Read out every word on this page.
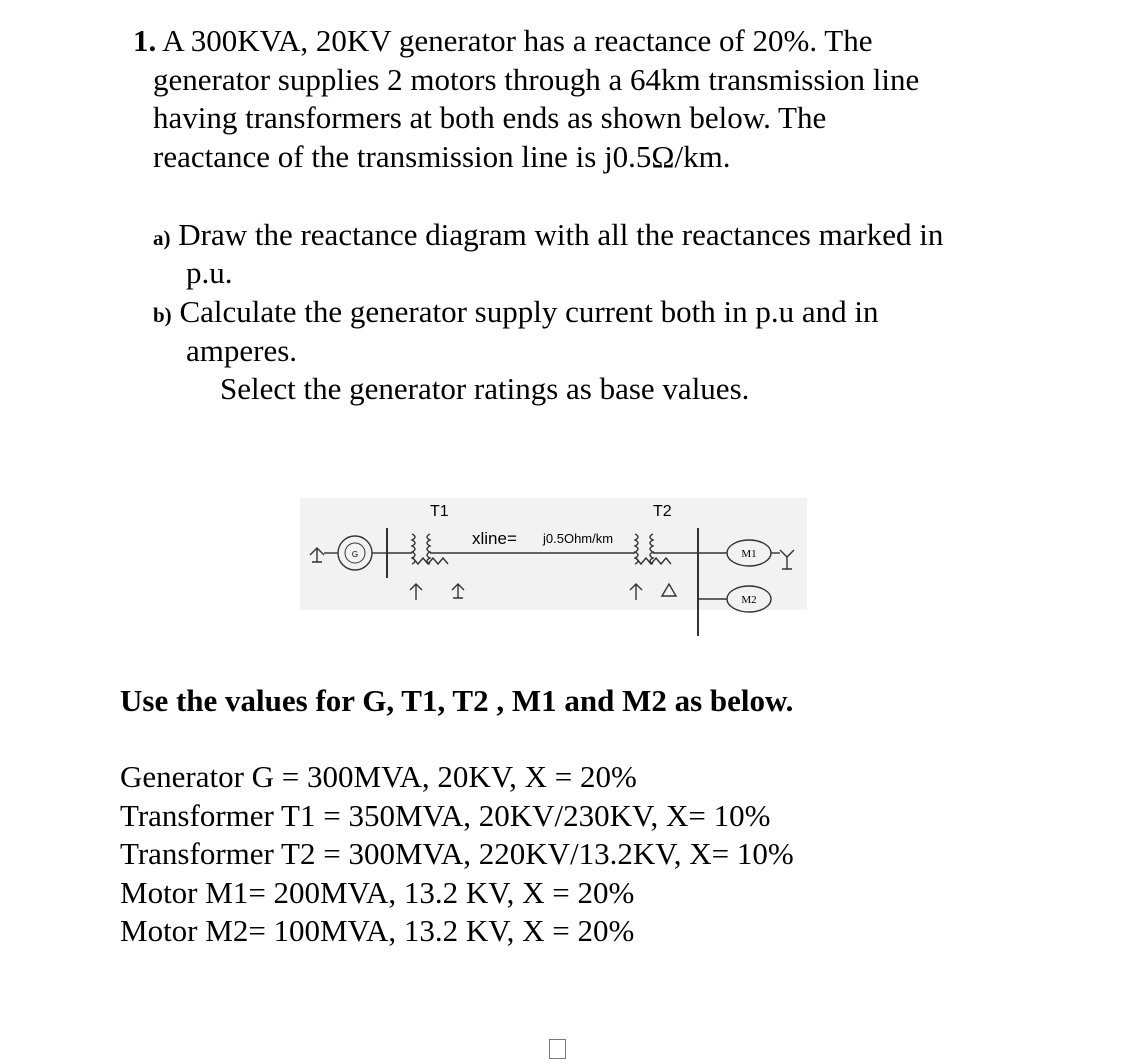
1. A 300KVA, 20KV generator has a reactance of 20%. The
generator supplies 2 motors through a 64km transmission line
having transformers at both ends as shown below. The
reactance of the transmission line is j0.5Ω/km.
a) Draw the reactance diagram with all the reactances marked in
p.u.
b) Calculate the generator supply current both in p.u and in
amperes.
Select the generator ratings as base values.
G
T1	T2
xline= j0.5Ohm/km
M1
M2
Use the values for G, T1, T2 , M1 and M2 as below.
Generator G = 300MVA, 20KV, X = 20%
Transformer T1 = 350MVA, 20KV/230KV, X= 10%
Transformer T2 = 300MVA, 220KV/13.2KV, X= 10%
Motor M1= 200MVA, 13.2 KV, X = 20%
Motor M2= 100MVA, 13.2 KV, X = 20%
